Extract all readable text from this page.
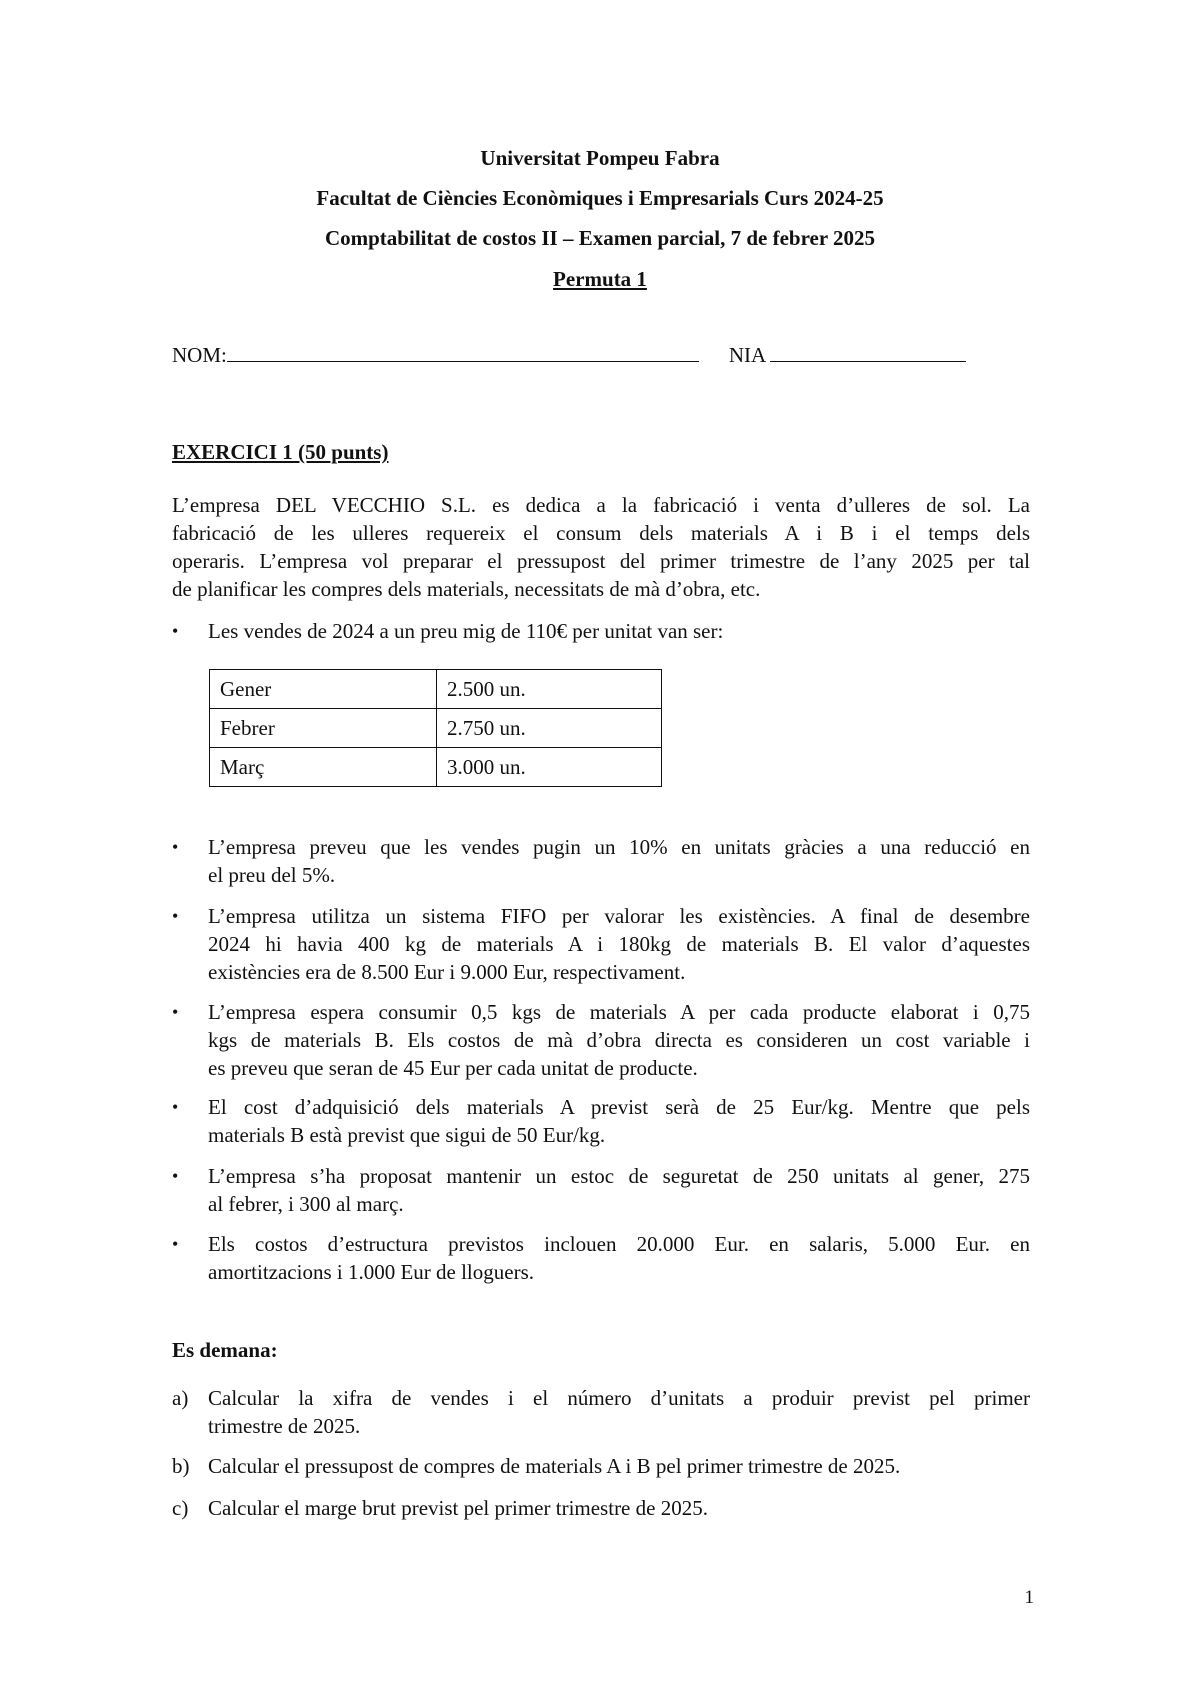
Universitat Pompeu Fabra
Facultat de Ciències Econòmiques i Empresarials Curs 2024-25
Comptabilitat de costos II – Examen parcial, 7 de febrer 2025
Permuta 1
NOM:	NIA
EXERCICI 1 (50 punts)
L’empresa DEL VECCHIO S.L. es dedica a la fabricació i venta d’ulleres de sol. La
fabricació de les ulleres requereix el consum dels materials A i B i el temps dels
operaris. L’empresa vol preparar el pressupost del primer trimestre de l’any 2025 per tal
de planificar les compres dels materials, necessitats de mà d’obra, etc.
•	Les vendes de 2024 a un preu mig de 110€ per unitat van ser:
Gener	2.500 un.
Febrer	2.750 un.
Març	3.000 un.
•	L’empresa preveu que les vendes pugin un 10% en unitats gràcies a una reducció en
el preu del 5%.
•	L’empresa utilitza un sistema FIFO per valorar les existències. A final de desembre
2024 hi havia 400 kg de materials A i 180kg de materials B. El valor d’aquestes
existències era de 8.500 Eur i 9.000 Eur, respectivament.
•	L’empresa espera consumir 0,5 kgs de materials A per cada producte elaborat i 0,75
kgs de materials B. Els costos de mà d’obra directa es consideren un cost variable i
es preveu que seran de 45 Eur per cada unitat de producte.
•	El cost d’adquisició dels materials A previst serà de 25 Eur/kg. Mentre que pels
materials B està previst que sigui de 50 Eur/kg.
•	L’empresa s’ha proposat mantenir un estoc de seguretat de 250 unitats al gener, 275
al febrer, i 300 al març.
•	Els costos d’estructura previstos inclouen 20.000 Eur. en salaris, 5.000 Eur. en
amortitzacions i 1.000 Eur de lloguers.
Es demana:
a) Calcular la xifra de vendes i el número d’unitats a produir previst pel primer
trimestre de 2025.
b) Calcular el pressupost de compres de materials A i B pel primer trimestre de 2025.
c) Calcular el marge brut previst pel primer trimestre de 2025.
1
